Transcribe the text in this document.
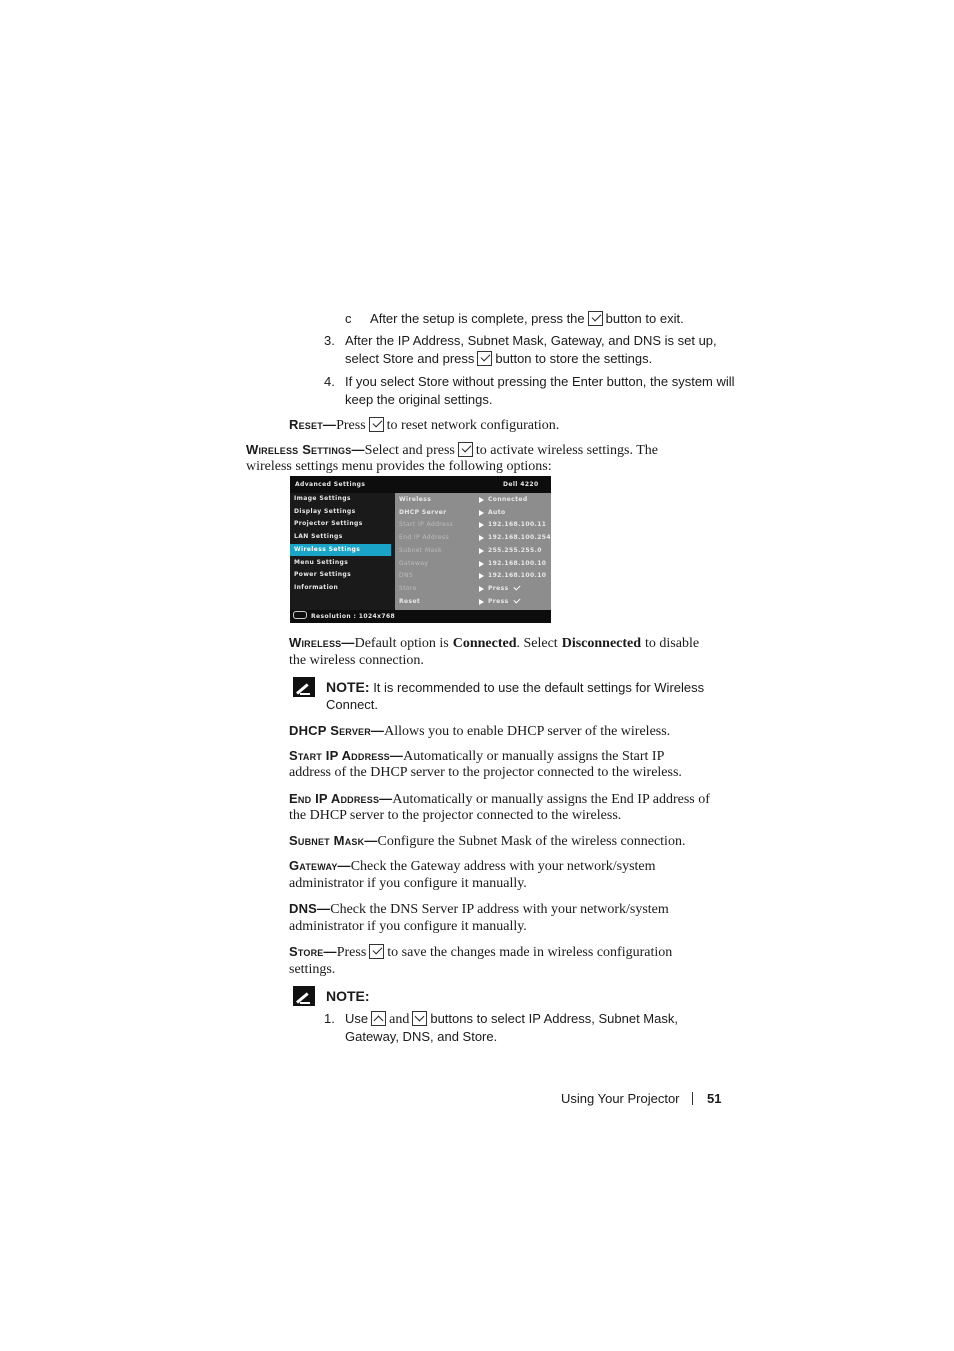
c After the setup is complete, press the button to exit.
3. After the IP Address, Subnet Mask, Gateway, and DNS is set up,
select Store and press button to store the settings.
4. If you select Store without pressing the Enter button, the system will
keep the original settings.
Reset—Press to reset network configuration.
Wireless Settings—Select and press to activate wireless settings. The
wireless settings menu provides the following options:
Advanced Settings	Dell 4220
Image Settings
Display Settings
Projector Settings
LAN Settings
Wireless Settings
Menu Settings
Power Settings
Information
Wireless	Connected
DHCP Server	Auto
Start IP Address	192.168.100.11
End IP Address	192.168.100.254
Subnet Mask	255.255.255.0
Gateway	192.168.100.10
DNS	192.168.100.10
Store	Press
Reset	Press
Resolution : 1024x768
Wireless—Default option is Connected. Select Disconnected to disable
the wireless connection.
NOTE: It is recommended to use the default settings for Wireless
Connect.
DHCP Server—Allows you to enable DHCP server of the wireless.
Start IP Address—Automatically or manually assigns the Start IP
address of the DHCP server to the projector connected to the wireless.
End IP Address—Automatically or manually assigns the End IP address of
the DHCP server to the projector connected to the wireless.
Subnet Mask—Configure the Subnet Mask of the wireless connection.
Gateway—Check the Gateway address with your network/system
administrator if you configure it manually.
DNS—Check the DNS Server IP address with your network/system
administrator if you configure it manually.
Store—Press to save the changes made in wireless configuration
settings.
NOTE:
1. Use and buttons to select IP Address, Subnet Mask,
Gateway, DNS, and Store.
Using Your Projector 51
